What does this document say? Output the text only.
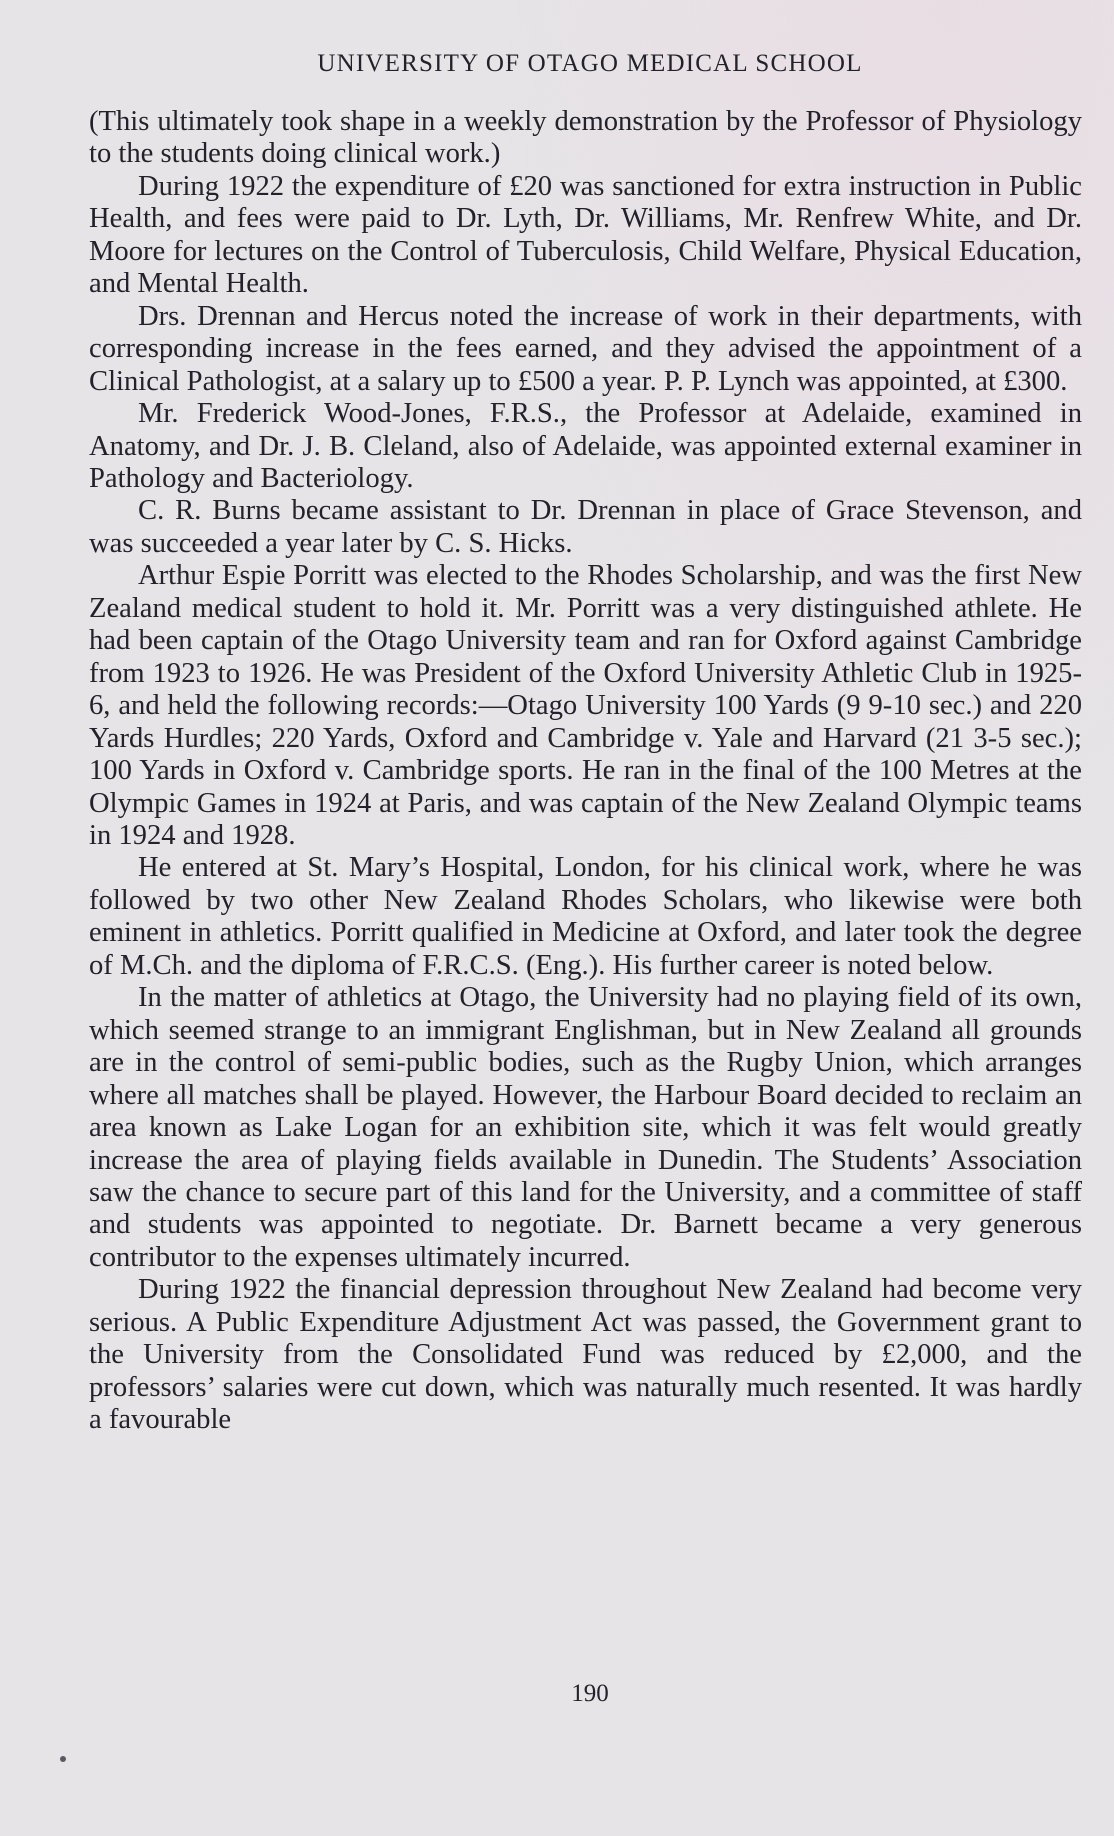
UNIVERSITY OF OTAGO MEDICAL SCHOOL

(This ultimately took shape in a weekly demonstration by the Professor of Physiology to the students doing clinical work.)

During 1922 the expenditure of £20 was sanctioned for extra instruction in Public Health, and fees were paid to Dr. Lyth, Dr. Williams, Mr. Renfrew White, and Dr. Moore for lectures on the Control of Tuberculosis, Child Welfare, Physical Education, and Mental Health.

Drs. Drennan and Hercus noted the increase of work in their departments, with corresponding increase in the fees earned, and they advised the appointment of a Clinical Pathologist, at a salary up to £500 a year. P. P. Lynch was appointed, at £300.

Mr. Frederick Wood-Jones, F.R.S., the Professor at Adelaide, examined in Anatomy, and Dr. J. B. Cleland, also of Adelaide, was appointed external examiner in Pathology and Bacteriology.

C. R. Burns became assistant to Dr. Drennan in place of Grace Stevenson, and was succeeded a year later by C. S. Hicks.

Arthur Espie Porritt was elected to the Rhodes Scholarship, and was the first New Zealand medical student to hold it. Mr. Porritt was a very distinguished athlete. He had been captain of the Otago University team and ran for Oxford against Cambridge from 1923 to 1926. He was President of the Oxford University Athletic Club in 1925-6, and held the following records:—Otago University 100 Yards (9 9-10 sec.) and 220 Yards Hurdles; 220 Yards, Oxford and Cambridge v. Yale and Harvard (21 3-5 sec.); 100 Yards in Oxford v. Cambridge sports. He ran in the final of the 100 Metres at the Olympic Games in 1924 at Paris, and was captain of the New Zealand Olympic teams in 1924 and 1928.

He entered at St. Mary’s Hospital, London, for his clinical work, where he was followed by two other New Zealand Rhodes Scholars, who likewise were both eminent in athletics. Porritt qualified in Medicine at Oxford, and later took the degree of M.Ch. and the diploma of F.R.C.S. (Eng.). His further career is noted below.

In the matter of athletics at Otago, the University had no playing field of its own, which seemed strange to an immigrant Englishman, but in New Zealand all grounds are in the control of semi-public bodies, such as the Rugby Union, which arranges where all matches shall be played. However, the Harbour Board decided to reclaim an area known as Lake Logan for an exhibition site, which it was felt would greatly increase the area of playing fields available in Dunedin. The Students’ Association saw the chance to secure part of this land for the University, and a committee of staff and students was appointed to negotiate. Dr. Barnett became a very generous contributor to the expenses ultimately incurred.

During 1922 the financial depression throughout New Zealand had become very serious. A Public Expenditure Adjustment Act was passed, the Government grant to the University from the Consolidated Fund was reduced by £2,000, and the professors’ salaries were cut down, which was naturally much resented. It was hardly a favourable

190
